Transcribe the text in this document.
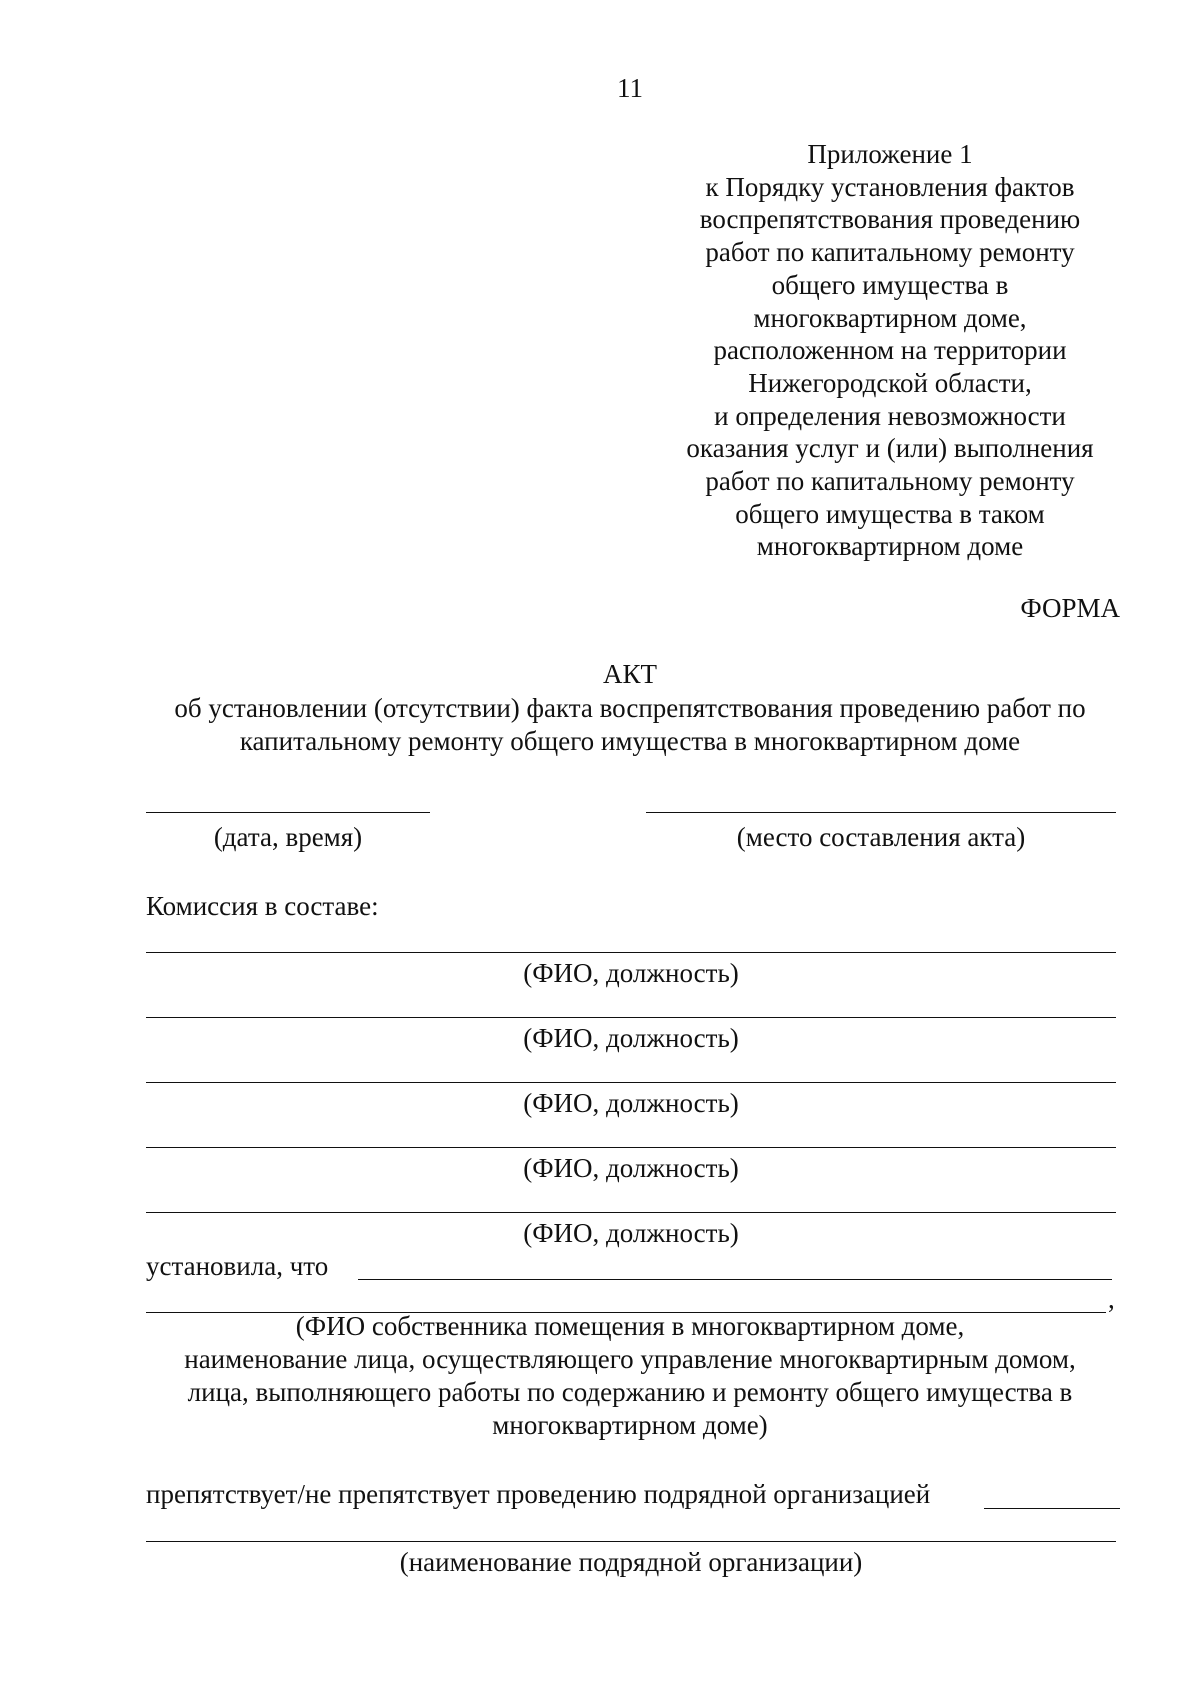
11
Приложение 1
к Порядку установления фактов
воспрепятствования проведению
работ по капитальному ремонту
общего имущества в
многоквартирном доме,
расположенном на территории
Нижегородской области,
и определения невозможности
оказания услуг и (или) выполнения
работ по капитальному ремонту
общего имущества в таком
многоквартирном доме
ФОРМА
АКТ
об установлении (отсутствии) факта воспрепятствования проведению работ по
капитальному ремонту общего имущества в многоквартирном доме
(дата, время)	(место составления акта)
Комиссия в составе:
(ФИО, должность)
(ФИО, должность)
(ФИО, должность)
(ФИО, должность)
(ФИО, должность)
установила, что
,
(ФИО собственника помещения в многоквартирном доме,
наименование лица, осуществляющего управление многоквартирным домом,
лица, выполняющего работы по содержанию и ремонту общего имущества в
многоквартирном доме)
препятствует/не препятствует проведению подрядной организацией
(наименование подрядной организации)
